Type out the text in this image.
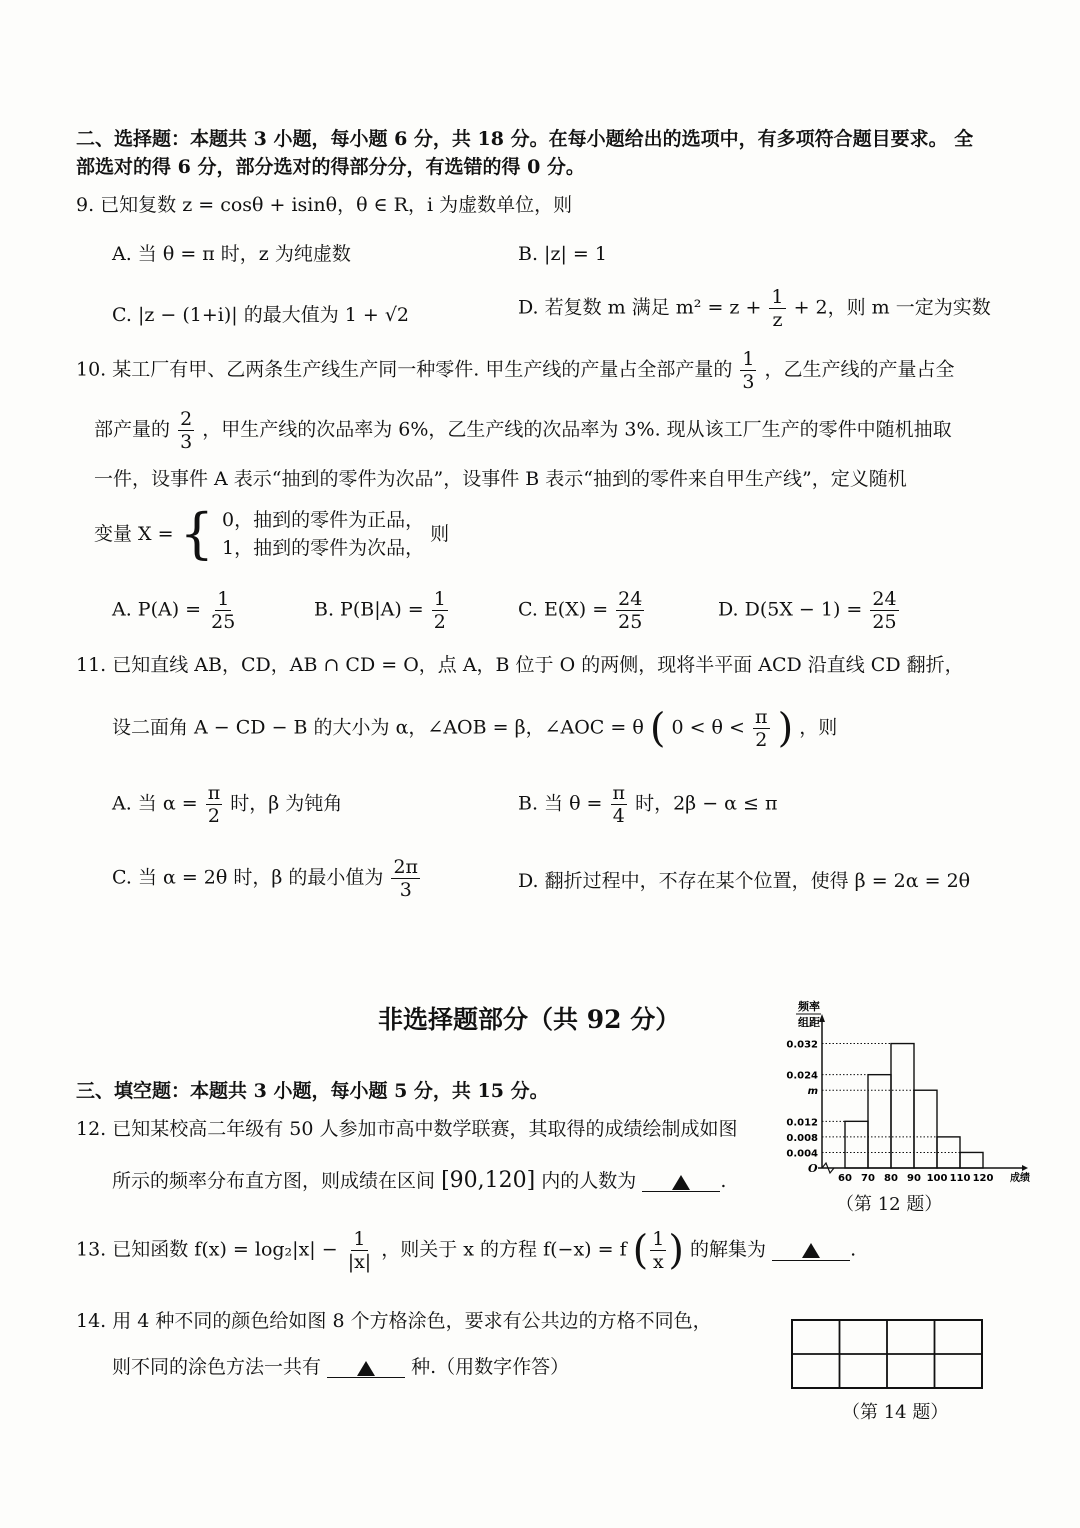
二、选择题：本题共 3 小题，每小题 6 分，共 18 分。在每小题给出的选项中，有多项符合题目要求。 全
部选对的得 6 分，部分选对的得部分分，有选错的得 0 分。
9. 已知复数 z = cosθ + isinθ，θ ∈ R，i 为虚数单位，则
A. 当 θ = π 时，z 为纯虚数	B. |z| = 1
C. |z − (1+i)| 的最大值为 1 + √2	D. 若复数 m 满足 $m^2 = z + \frac{1}{z} + 2$，则 m 一定为实数
10. 某工厂有甲、乙两条生产线生产同一种零件. 甲生产线的产量占全部产量的 $\frac{1}{3}$ ，乙生产线的产量占全
部产量的 $\frac{2}{3}$ ，甲生产线的次品率为 6%，乙生产线的次品率为 3%. 现从该工厂生产的零件中随机抽取
一件，设事件 A 表示“抽到的零件为次品”，设事件 B 表示“抽到的零件来自甲生产线”，定义随机
变量 X = { 0，抽到的零件为正品，
1，抽到的零件为次品，
则
A. $P(A) = \frac{1}{25}$	B. $P(B|A) = \frac{1}{2}$	C. $E(X) = \frac{24}{25}$	D. $D(5X - 1) = \frac{24}{25}$
11. 已知直线 AB，CD，AB ∩ CD = O，点 A，B 位于 O 的两侧，现将半平面 ACD 沿直线 CD 翻折，
设二面角 A − CD − B 的大小为 α，∠AOB = β，∠AOC = θ ( $0 < \theta < \frac{\pi}{2}$ ) ，则
A. 当 $\alpha = \frac{\pi}{2}$ 时，β 为钝角	B. 当 $\theta = \frac{\pi}{4}$ 时，2β − α ≤ π
C. 当 α = 2θ 时，β 的最小值为 $\frac{2\pi}{3}$	D. 翻折过程中，不存在某个位置，使得 β = 2α = 2θ
非选择题部分（共 92 分）
三、填空题：本题共 3 小题，每小题 5 分，共 15 分。
12. 已知某校高二年级有 50 人参加市高中数学联赛，其取得的成绩绘制成如图
所示的频率分布直方图，则成绩在区间 [90,120] 内的人数为	.
频率
组距
O
0.032
0.024
m
0.012
0.008
0.004
60 70 80 90 100 110 120 成绩
（第 12 题）
13. 已知函数 $f(x) = \log_2|x| - \frac{1}{|x|}$ ，则关于 x 的方程 f(−x) = f ( $\frac{1}{x}$ ) 的解集为	.
14. 用 4 种不同的颜色给如图 8 个方格涂色，要求有公共边的方格不同色，
则不同的涂色方法一共有	种.（用数字作答）
（第 14 题）
